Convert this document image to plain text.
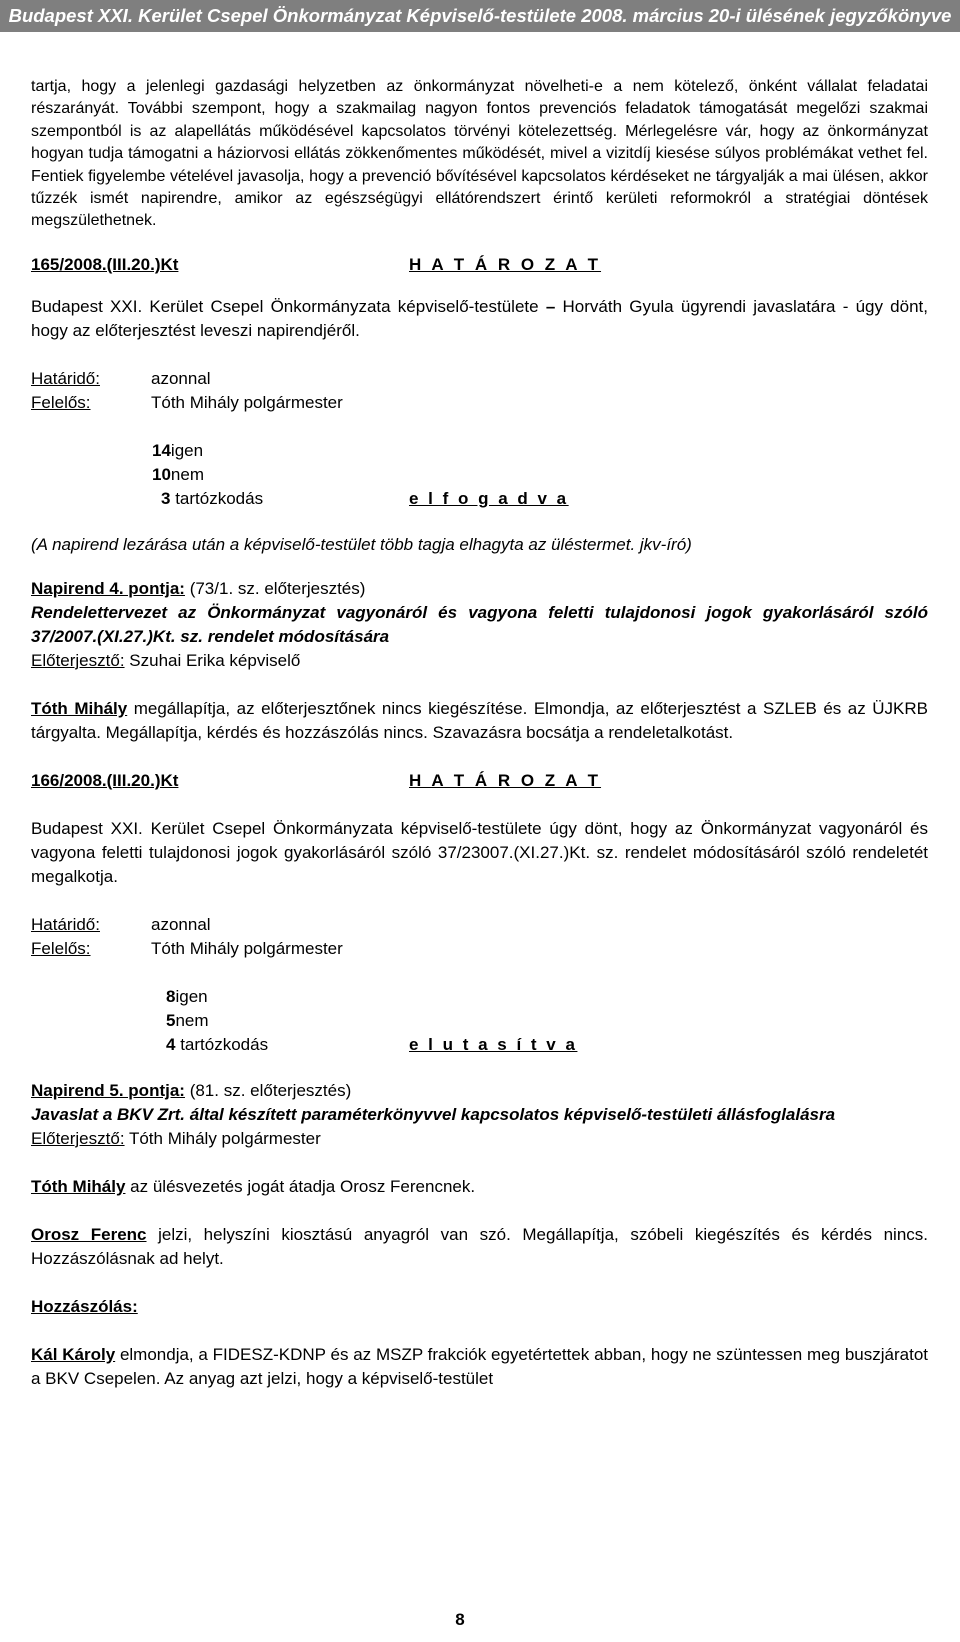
Budapest XXI. Kerület Csepel Önkormányzat Képviselő-testülete 2008. március 20-i ülésének jegyzőkönyve

tartja, hogy a jelenlegi gazdasági helyzetben az önkormányzat növelheti-e a nem kötelező, önként vállalat feladatai részarányát. További szempont, hogy a szakmailag nagyon fontos prevenciós feladatok támogatását megelőzi szakmai szempontból is az alapellátás működésével kapcsolatos törvényi kötelezettség. Mérlegelésre vár, hogy az önkormányzat hogyan tudja támogatni a háziorvosi ellátás zökkenőmentes működését, mivel a vizitdíj kiesése súlyos problémákat vethet fel. Fentiek figyelembe vételével javasolja, hogy a prevenció bővítésével kapcsolatos kérdéseket ne tárgyalják a mai ülésen, akkor tűzzék ismét napirendre, amikor az egészségügyi ellátórendszert érintő kerületi reformokról a stratégiai döntések megszülethetnek.

165/2008.(III.20.)Kt	H A T Á R O Z A T

Budapest XXI. Kerület Csepel Önkormányzata képviselő-testülete – Horváth Gyula ügyrendi javaslatára - úgy dönt, hogy az előterjesztést leveszi napirendjéről.

Határidő:	azonnal
Felelős:	Tóth Mihály polgármester
14 igen
10 nem
3 tartózkodás	e l f o g a d v a

(A napirend lezárása után a képviselő-testület több tagja elhagyta az üléstermet. jkv-író)

Napirend 4. pontja: (73/1. sz. előterjesztés)

Rendelettervezet az Önkormányzat vagyonáról és vagyona feletti tulajdonosi jogok gyakorlásáról szóló 37/2007.(XI.27.)Kt. sz. rendelet módosítására

Előterjesztő: Szuhai Erika képviselő

Tóth Mihály megállapítja, az előterjesztőnek nincs kiegészítése. Elmondja, az előterjesztést a SZLEB és az ÜJKRB tárgyalta. Megállapítja, kérdés és hozzászólás nincs. Szavazásra bocsátja a rendeletalkotást.

166/2008.(III.20.)Kt	H A T Á R O Z A T

Budapest XXI. Kerület Csepel Önkormányzata képviselő-testülete úgy dönt, hogy az Önkormányzat vagyonáról és vagyona feletti tulajdonosi jogok gyakorlásáról szóló 37/23007.(XI.27.)Kt. sz. rendelet módosításáról szóló rendeletét megalkotja.

Határidő:	azonnal
Felelős:	Tóth Mihály polgármester
8 igen
5 nem
4 tartózkodás	e l u t a s í t v a
Napirend 5. pontja: (81. sz. előterjesztés)

Javaslat a BKV Zrt. által készített paraméterkönyvvel kapcsolatos képviselő-testületi állásfoglalásra

Előterjesztő: Tóth Mihály polgármester

Tóth Mihály az ülésvezetés jogát átadja Orosz Ferencnek.

Orosz Ferenc jelzi, helyszíni kiosztású anyagról van szó. Megállapítja, szóbeli kiegészítés és kérdés nincs. Hozzászólásnak ad helyt.

Hozzászólás:

Kál Károly elmondja, a FIDESZ-KDNP és az MSZP frakciók egyetértettek abban, hogy ne szüntessen meg buszjáratot a BKV Csepelen. Az anyag azt jelzi, hogy a képviselő-testület

8
